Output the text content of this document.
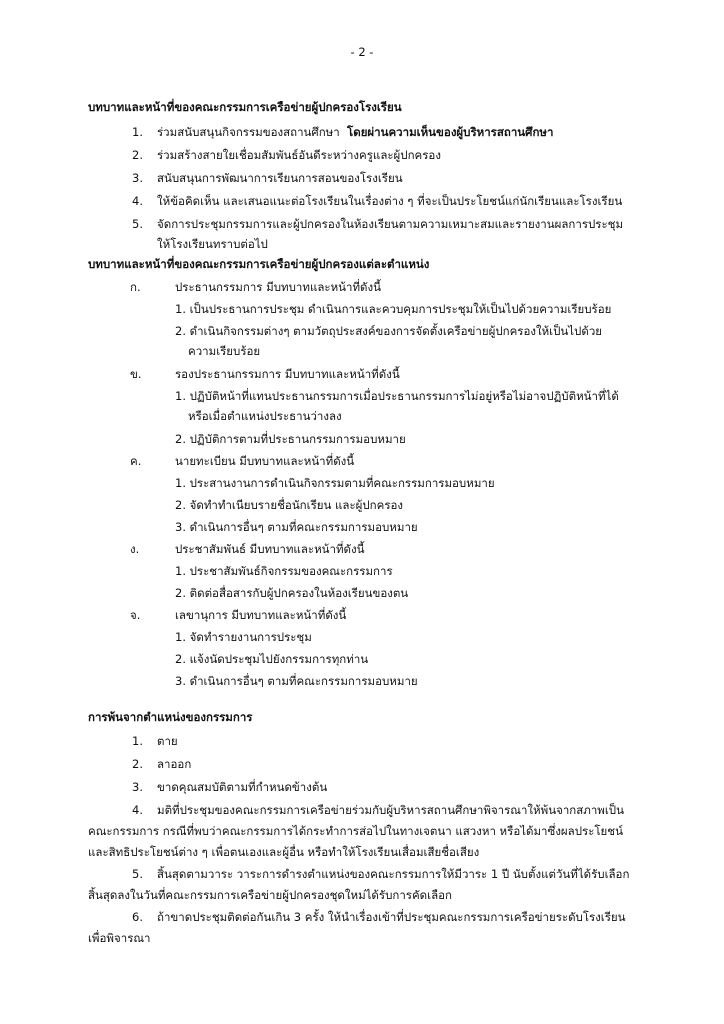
- 2 -
บทบาทและหน้าที่ของคณะกรรมการเครือข่ายผู้ปกครองโรงเรียน
1. ร่วมสนับสนุนกิจกรรมของสถานศึกษา โดยผ่านความเห็นของผู้บริหารสถานศึกษา
2. ร่วมสร้างสายใยเชื่อมสัมพันธ์อันดีระหว่างครูและผู้ปกครอง
3. สนับสนุนการพัฒนาการเรียนการสอนของโรงเรียน
4. ให้ข้อคิดเห็น และเสนอแนะต่อโรงเรียนในเรื่องต่าง ๆ ที่จะเป็นประโยชน์แก่นักเรียนและโรงเรียน
5. จัดการประชุมกรรมการและผู้ปกครองในห้องเรียนตามความเหมาะสมและรายงานผลการประชุม
ให้โรงเรียนทราบต่อไป
บทบาทและหน้าที่ของคณะกรรมการเครือข่ายผู้ปกครองแต่ละตำแหน่ง
ก.	ประธานกรรมการ มีบทบาทและหน้าที่ดังนี้
1. เป็นประธานการประชุม ดำเนินการและควบคุมการประชุมให้เป็นไปด้วยความเรียบร้อย
2. ดำเนินกิจกรรมต่างๆ ตามวัตถุประสงค์ของการจัดตั้งเครือข่ายผู้ปกครองให้เป็นไปด้วย
ความเรียบร้อย
ข.	รองประธานกรรมการ มีบทบาทและหน้าที่ดังนี้
1. ปฏิบัติหน้าที่แทนประธานกรรมการเมื่อประธานกรรมการไม่อยู่หรือไม่อาจปฏิบัติหน้าที่ได้
หรือเมื่อตำแหน่งประธานว่างลง
2. ปฏิบัติการตามที่ประธานกรรมการมอบหมาย
ค.	นายทะเบียน มีบทบาทและหน้าที่ดังนี้
1. ประสานงานการดำเนินกิจกรรมตามที่คณะกรรมการมอบหมาย
2. จัดทำทำเนียบรายชื่อนักเรียน และผู้ปกครอง
3. ดำเนินการอื่นๆ ตามที่คณะกรรมการมอบหมาย
ง.	ประชาสัมพันธ์ มีบทบาทและหน้าที่ดังนี้
1. ประชาสัมพันธ์กิจกรรมของคณะกรรมการ
2. ติดต่อสื่อสารกับผู้ปกครองในห้องเรียนของตน
จ.	เลขานุการ มีบทบาทและหน้าที่ดังนี้
1. จัดทำรายงานการประชุม
2. แจ้งนัดประชุมไปยังกรรมการทุกท่าน
3. ดำเนินการอื่นๆ ตามที่คณะกรรมการมอบหมาย
การพ้นจากตำแหน่งของกรรมการ
1. ตาย
2. ลาออก
3. ขาดคุณสมบัติตามที่กำหนดข้างต้น
4. มติที่ประชุมของคณะกรรมการเครือข่ายร่วมกับผู้บริหารสถานศึกษาพิจารณาให้พ้นจากสภาพเป็น
คณะกรรมการ กรณีที่พบว่าคณะกรรมการได้กระทำการส่อไปในทางเจตนา แสวงหา หรือได้มาซึ่งผลประโยชน์
และสิทธิประโยชน์ต่าง ๆ เพื่อตนเองและผู้อื่น หรือทำให้โรงเรียนเสื่อมเสียชื่อเสียง
5. สิ้นสุดตามวาระ วาระการดำรงตำแหน่งของคณะกรรมการให้มีวาระ 1 ปี นับตั้งแต่วันที่ได้รับเลือก
สิ้นสุดลงในวันที่คณะกรรมการเครือข่ายผู้ปกครองชุดใหม่ได้รับการคัดเลือก
6. ถ้าขาดประชุมติดต่อกันเกิน 3 ครั้ง ให้นำเรื่องเข้าที่ประชุมคณะกรรมการเครือข่ายระดับโรงเรียน
เพื่อพิจารณา
